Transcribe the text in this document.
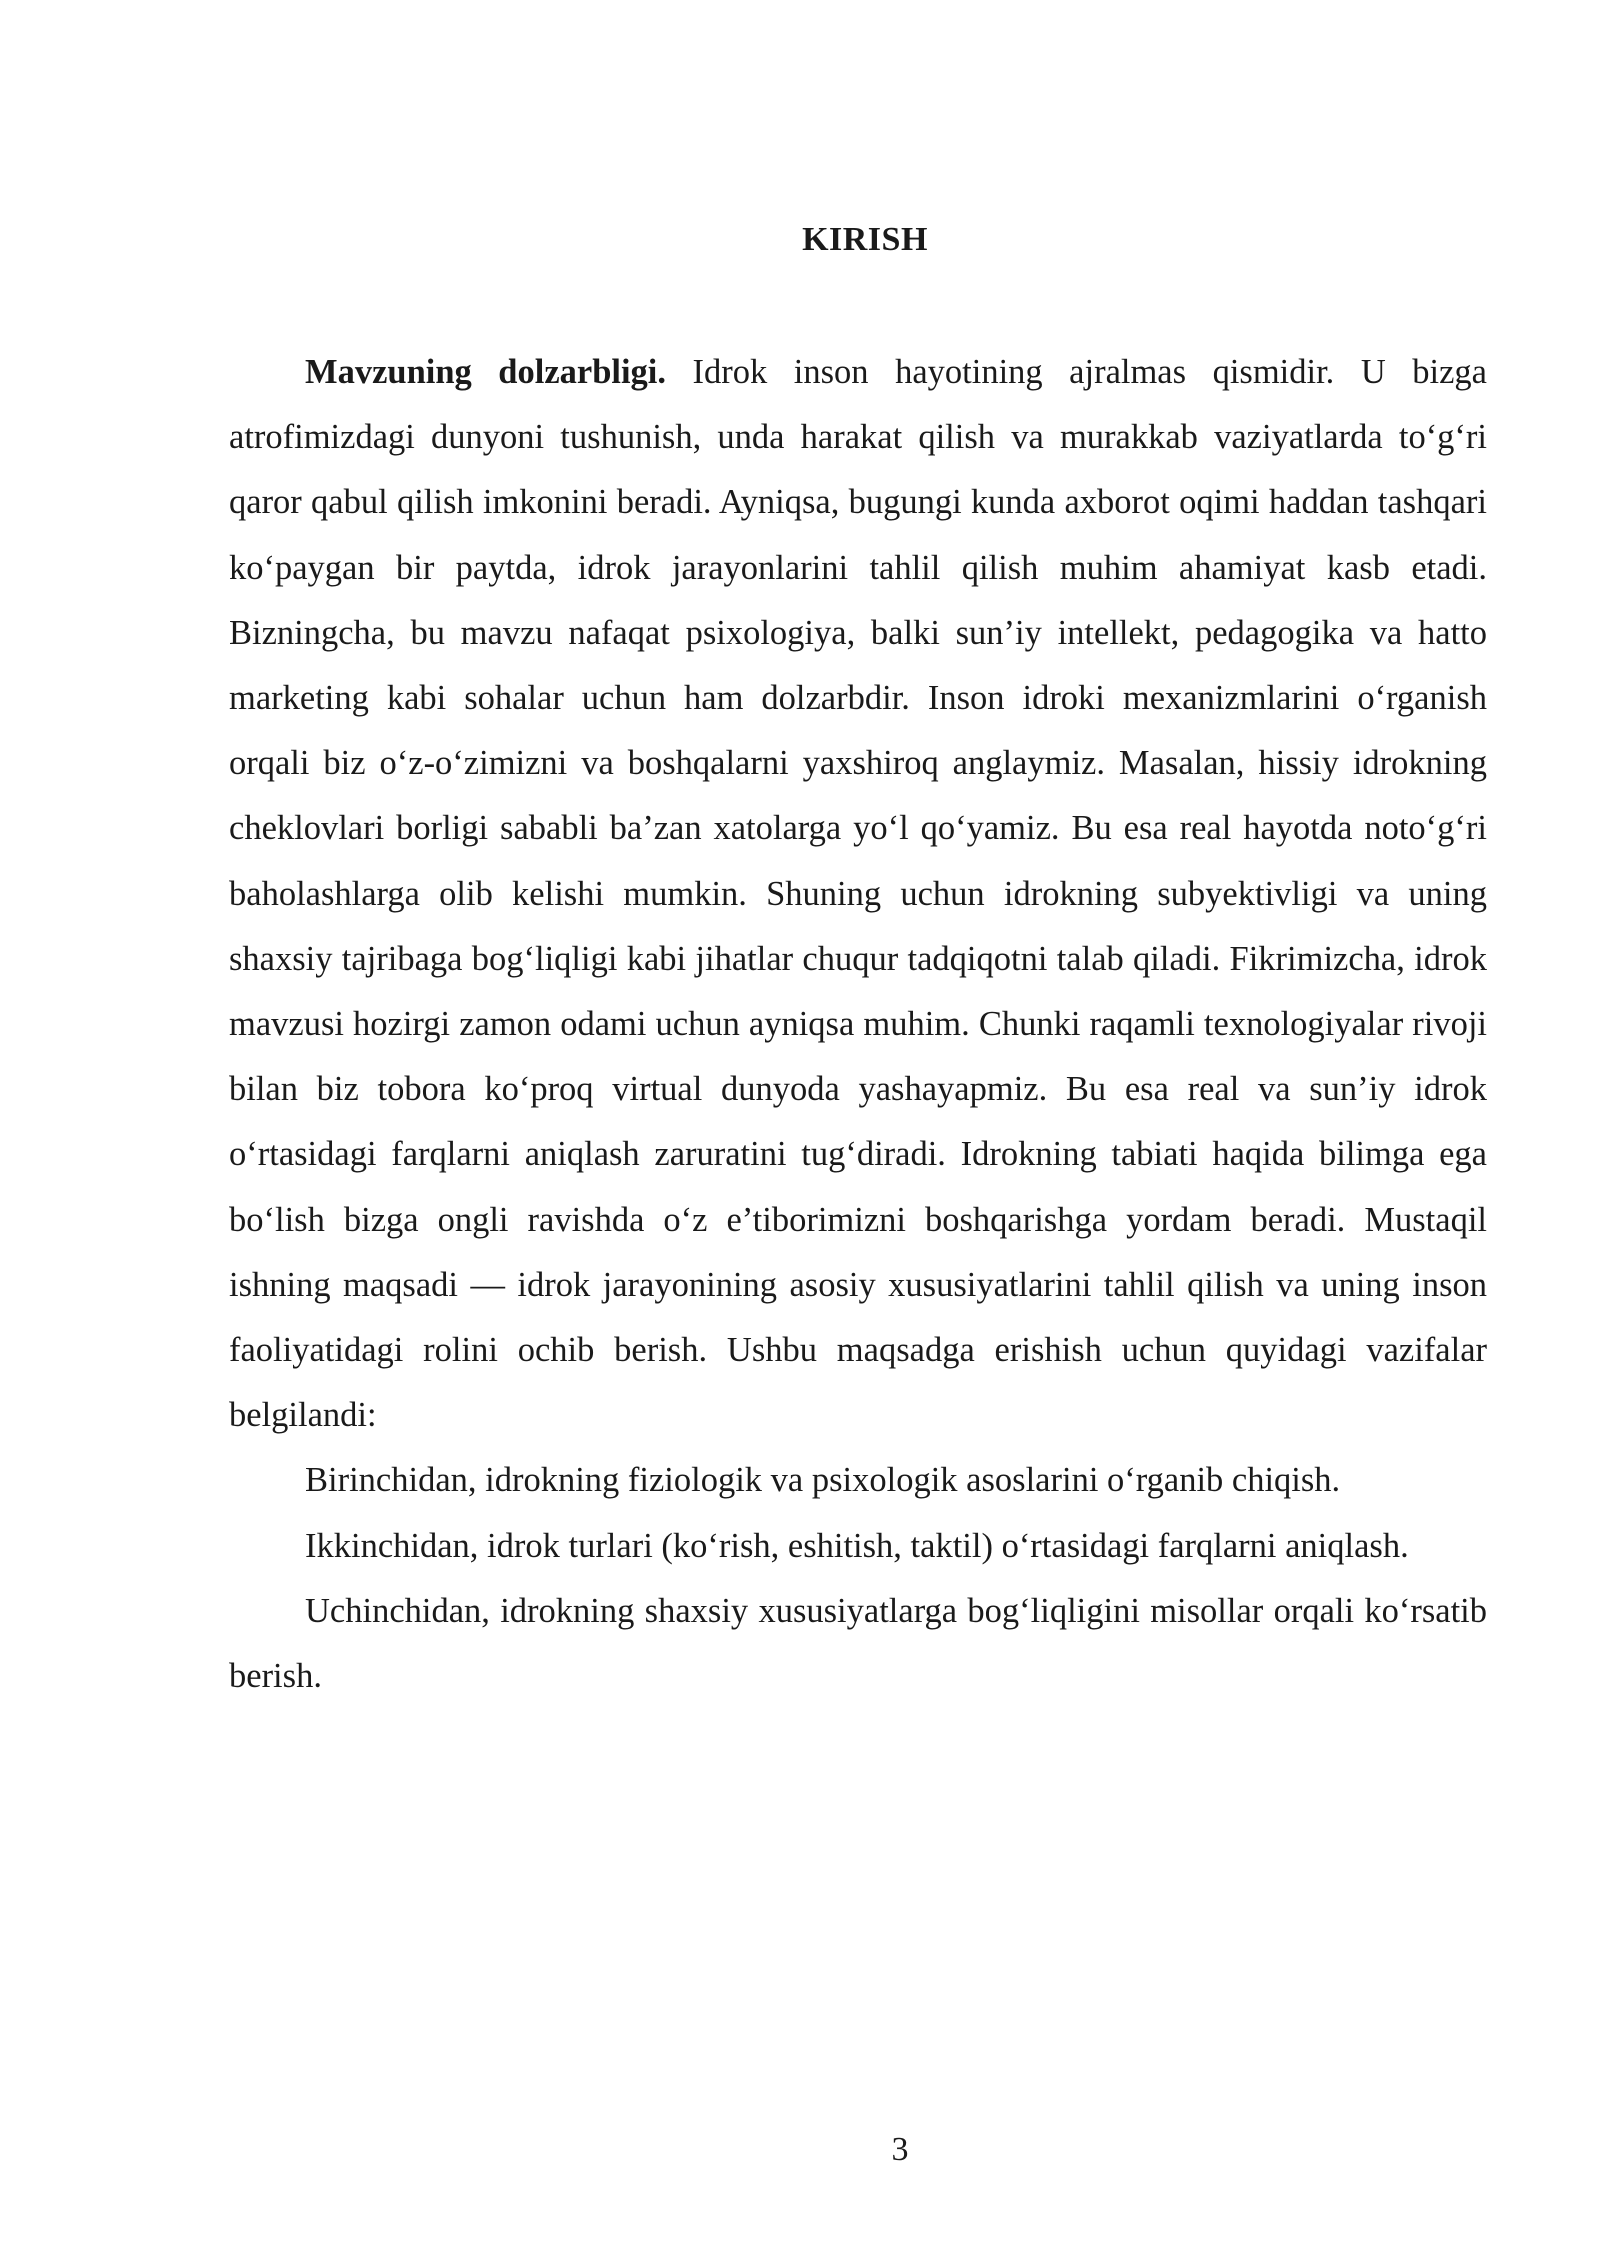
KIRISH

Mavzuning dolzarbligi. Idrok inson hayotining ajralmas qismidir. U bizga atrofimizdagi dunyoni tushunish, unda harakat qilish va murakkab vaziyatlarda to‘g‘ri qaror qabul qilish imkonini beradi. Ayniqsa, bugungi kunda axborot oqimi haddan tashqari ko‘paygan bir paytda, idrok jarayonlarini tahlil qilish muhim ahamiyat kasb etadi. Bizningcha, bu mavzu nafaqat psixologiya, balki sun’iy intellekt, pedagogika va hatto marketing kabi sohalar uchun ham dolzarbdir. Inson idroki mexanizmlarini o‘rganish orqali biz o‘z-o‘zimizni va boshqalarni yaxshiroq anglaymiz. Masalan, hissiy idrokning cheklovlari borligi sababli ba’zan xatolarga yo‘l qo‘yamiz. Bu esa real hayotda noto‘g‘ri baholashlarga olib kelishi mumkin. Shuning uchun idrokning subyektivligi va uning shaxsiy tajribaga bog‘liqligi kabi jihatlar chuqur tadqiqotni talab qiladi. Fikrimizcha, idrok mavzusi hozirgi zamon odami uchun ayniqsa muhim. Chunki raqamli texnologiyalar rivoji bilan biz tobora ko‘proq virtual dunyoda yashayapmiz. Bu esa real va sun’iy idrok o‘rtasidagi farqlarni aniqlash zaruratini tug‘diradi. Idrokning tabiati haqida bilimga ega bo‘lish bizga ongli ravishda o‘z e’tiborimizni boshqarishga yordam beradi. Mustaqil ishning maqsadi — idrok jarayonining asosiy xususiyatlarini tahlil qilish va uning inson faoliyatidagi rolini ochib berish. Ushbu maqsadga erishish uchun quyidagi vazifalar belgilandi:

Birinchidan, idrokning fiziologik va psixologik asoslarini o‘rganib chiqish.

Ikkinchidan, idrok turlari (ko‘rish, eshitish, taktil) o‘rtasidagi farqlarni aniqlash.

Uchinchidan, idrokning shaxsiy xususiyatlarga bog‘liqligini misollar orqali ko‘rsatib berish.

3
